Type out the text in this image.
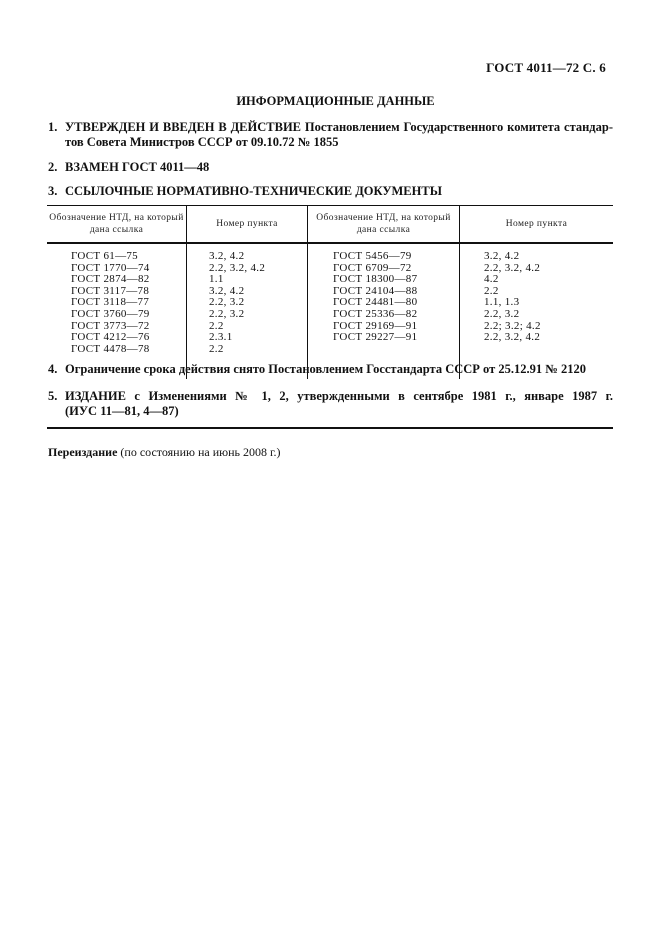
ГОСТ 4011—72 С. 6
ИНФОРМАЦИОННЫЕ ДАННЫЕ
1. УТВЕРЖДЕН И ВВЕДЕН В ДЕЙСТВИЕ Постановлением Государственного комитета стандар-
тов Совета Министров СССР от 09.10.72 № 1855
2. ВЗАМЕН ГОСТ 4011—48
3. ССЫЛОЧНЫЕ НОРМАТИВНО-ТЕХНИЧЕСКИЕ ДОКУМЕНТЫ
Обозначение НТД, на который дана ссылка
Номер пункта
Обозначение НТД, на который дана ссылка
Номер пункта
ГОСТ 61—75
ГОСТ 1770—74
ГОСТ 2874—82
ГОСТ 3117—78
ГОСТ 3118—77
ГОСТ 3760—79
ГОСТ 3773—72
ГОСТ 4212—76
ГОСТ 4478—78
3.2, 4.2
2.2, 3.2, 4.2
1.1
3.2, 4.2
2.2, 3.2
2.2, 3.2
2.2
2.3.1
2.2
ГОСТ 5456—79
ГОСТ 6709—72
ГОСТ 18300—87
ГОСТ 24104—88
ГОСТ 24481—80
ГОСТ 25336—82
ГОСТ 29169—91
ГОСТ 29227—91
3.2, 4.2
2.2, 3.2, 4.2
4.2
2.2
1.1, 1.3
2.2, 3.2
2.2; 3.2; 4.2
2.2, 3.2, 4.2
4. Ограничение срока действия снято Постановлением Госстандарта СССР от 25.12.91 № 2120
5. ИЗДАНИЕ с Изменениями № 1, 2, утвержденными в сентябре 1981 г., январе 1987 г.
(ИУС 11—81, 4—87)
Переиздание (по состоянию на июнь 2008 г.)
